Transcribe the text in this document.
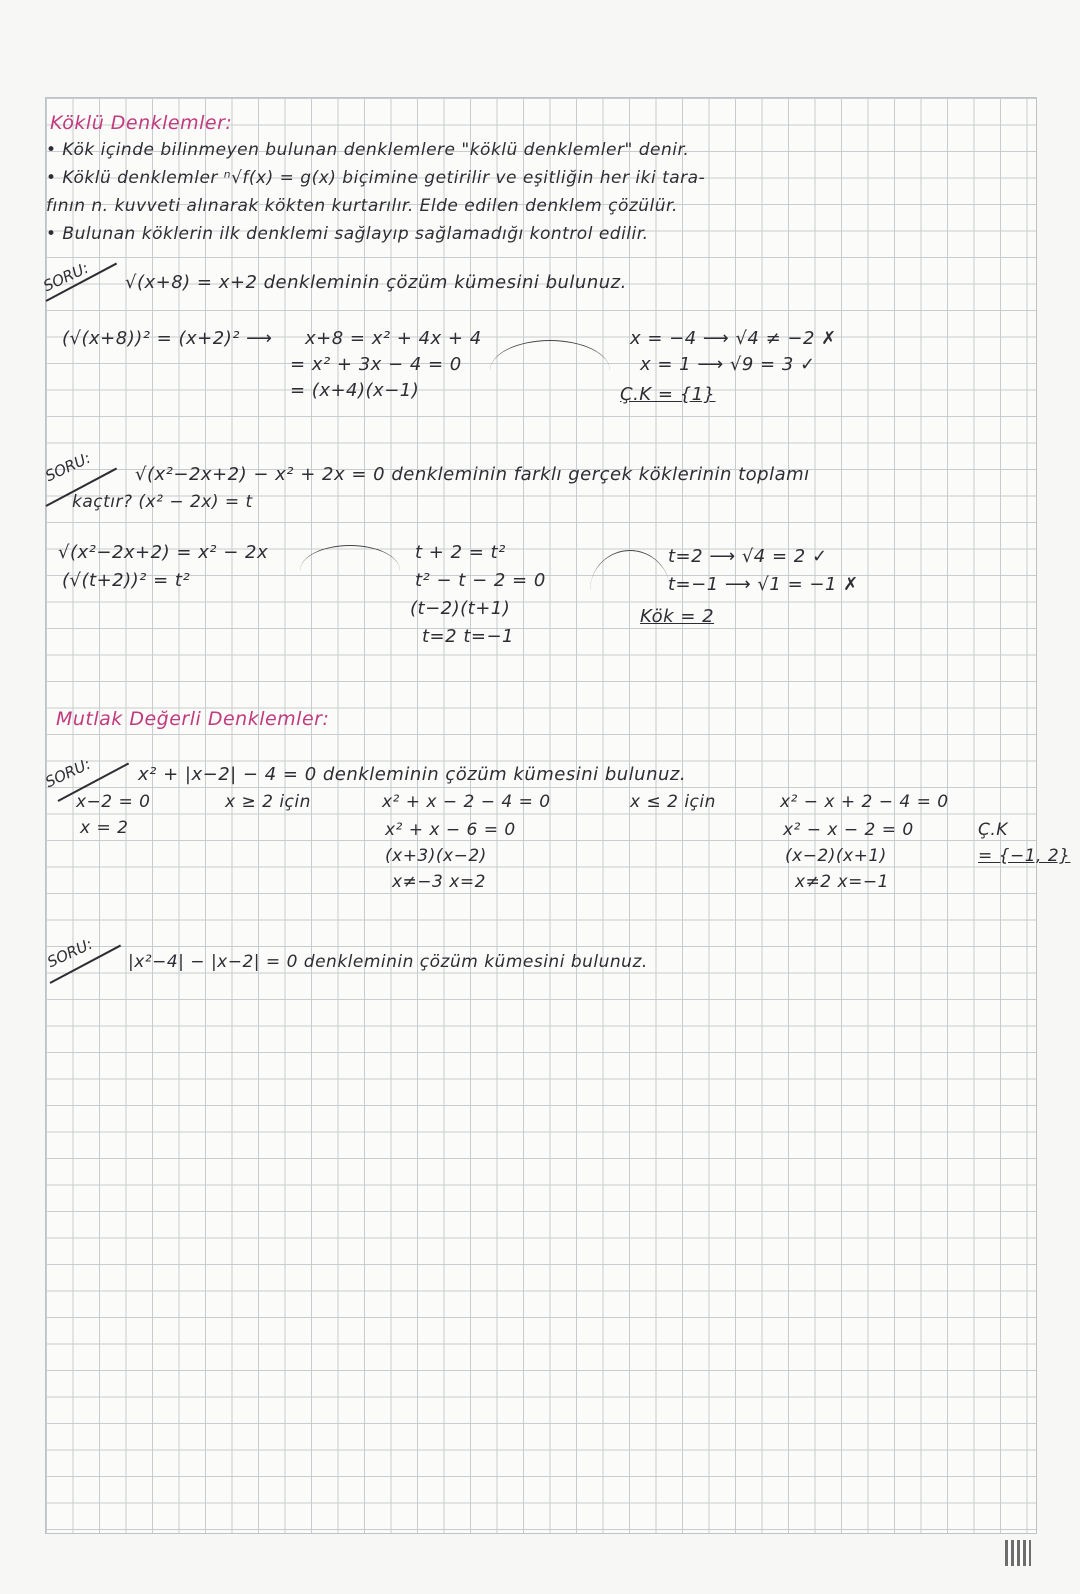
Köklü Denklemler:
• Kök içinde bilinmeyen bulunan denklemlere "köklü denklemler" denir.
• Köklü denklemler ⁿ√f(x) = g(x) biçimine getirilir ve eşitliğin her iki tara-
fının n. kuvveti alınarak kökten kurtarılır. Elde edilen denklem çözülür.
• Bulunan köklerin ilk denklemi sağlayıp sağlamadığı kontrol edilir.
SORU: √(x+8) = x+2 denkleminin çözüm kümesini bulunuz.
(√(x+8))² = (x+2)² ⟶ x+8 = x² + 4x + 4
= x² + 3x − 4 = 0
= (x+4)(x−1)
x = −4 ⟶ √4 ≠ −2 ✗
x = 1 ⟶ √9 = 3 ✓
Ç.K = {1}
SORU: √(x²−2x+2) − x² + 2x = 0 denkleminin farklı gerçek köklerinin toplamı
kaçtır? (x² − 2x) = t
√(x²−2x+2) = x² − 2x
(√(t+2))² = t²
t + 2 = t²
t² − t − 2 = 0
(t−2)(t+1)
t=2 t=−1
t=2 ⟶ √4 = 2 ✓
t=−1 ⟶ √1 = −1 ✗
Kök = 2
Mutlak Değerli Denklemler:
SORU: x² + |x−2| − 4 = 0 denkleminin çözüm kümesini bulunuz.
x−2 = 0
x = 2
x ≥ 2 için	x² + x − 2 − 4 = 0
x² + x − 6 = 0
(x+3)(x−2)
x≠−3 x=2
x ≤ 2 için	x² − x + 2 − 4 = 0
x² − x − 2 = 0
(x−2)(x+1)
x≠2 x=−1
Ç.K
= {−1, 2}
SORU: |x²−4| − |x−2| = 0 denkleminin çözüm kümesini bulunuz.
